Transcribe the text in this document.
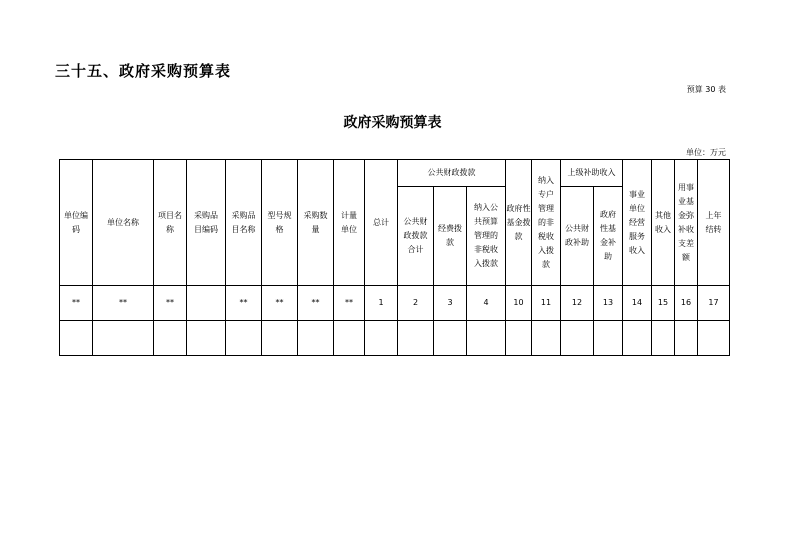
三十五、政府采购预算表
预算 30 表
政府采购预算表
单位：万元
单位编码	单位名称	项目名称	采购品目编码	采购品目名称	型号规格	采购数量	计量单位	总计	公共财政拨款			政府性基金拨款	纳入专户管理的非税收入拨款	上级补助收入		事业单位经营服务收入	其他收入	用事业基金弥补收支差额	上年结转
									公共财政拨款合计	经费拨款	纳入公共预算管理的非税收入拨款			公共财政补助	政府性基金补助				
**	**	**		**	**	**	**	1	2	3	4	10	11	12	13	14	15	16	17
